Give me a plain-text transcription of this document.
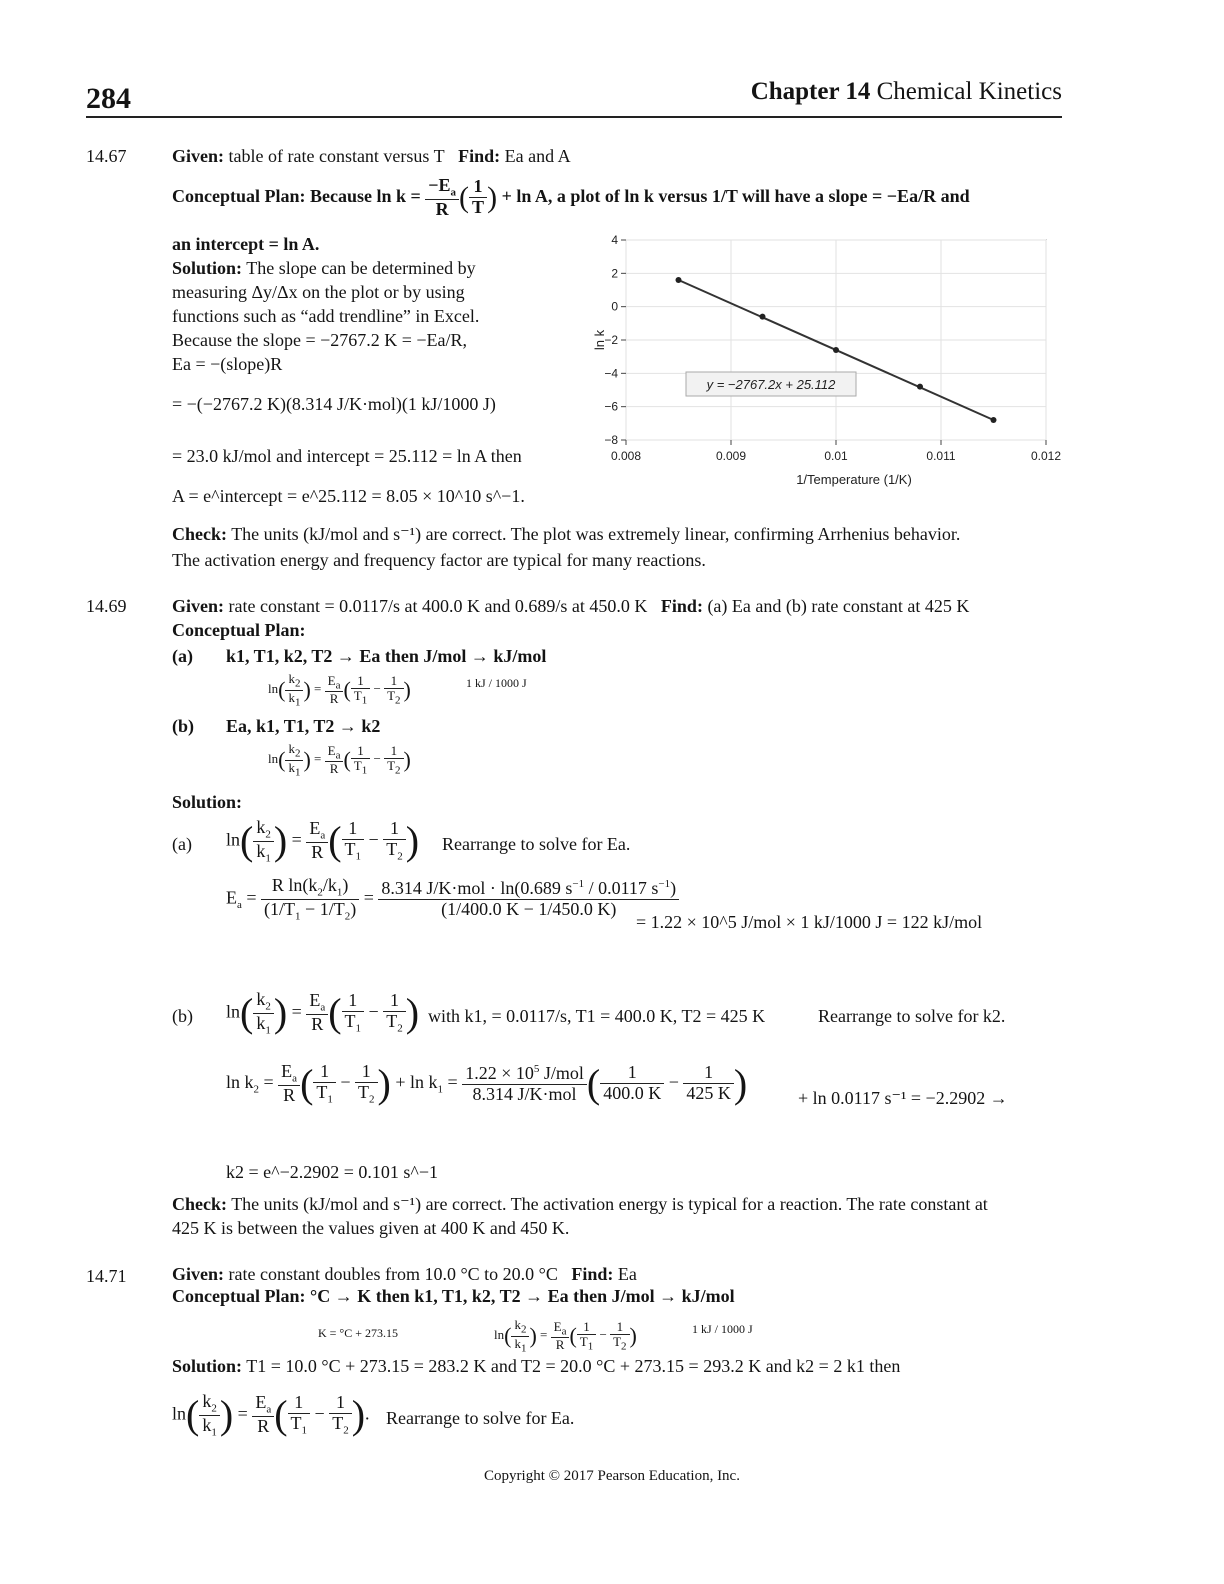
284	Chapter 14 Chemical Kinetics
14.67	Given: table of rate constant versus T Find: Ea and A
Conceptual Plan: Because $\ln k = \frac{-E_a}{R}$ ( $\frac{1}{T}$ ) + ln A, a plot of ln k versus 1/T will have a slope = −Ea/R and
an intercept = ln A.
Solution: The slope can be determined by
measuring Δy/Δx on the plot or by using
functions such as “add trendline” in Excel.
Because the slope = −2767.2 K = −Ea/R,
Ea = −(slope)R
= −(−2767.2 K)(8.314 J/K·mol)(1 kJ/1000 J)
= 23.0 kJ/mol and intercept = 25.112 = ln A then
A = e^intercept = e^25.112 = 8.05 × 10^10 s^−1.
4
2
0
−2
−4
−6
−8
0.008	0.009	0.01	0.011	0.012
y = −2767.2x + 25.112
ln k
1/Temperature (1/K)
Check: The units (kJ/mol and s⁻¹) are correct. The plot was extremely linear, confirming Arrhenius behavior.
The activation energy and frequency factor are typical for many reactions.
14.69	Given: rate constant = 0.0117/s at 400.0 K and 0.689/s at 450.0 K Find: (a) Ea and (b) rate constant at 425 K
Conceptual Plan:
(a) k1, T1, k2, T2 → Ea then J/mol → kJ/mol
$\ln( \frac{k_2}{k_1}$ ) = $\frac{E_a}{R}$ ( $\frac{1}{T_1} - \frac{1}{T_2}$ )	1 kJ / 1000 J
(b) Ea, k1, T1, T2 → k2
$\ln( \frac{k_2}{k_1}$ ) = $\frac{E_a}{R}$ ( $\frac{1}{T_1} - \frac{1}{T_2}$ )
Solution:
(a) $\ln( \frac{k_2}{k_1}$ ) = $\frac{E_a}{R}$ ( $\frac{1}{T_1} - \frac{1}{T_2}$ ) Rearrange to solve for Ea.
$E_a = \frac{R \ln(k_2/k_1)}{(1/T_1 - 1/T_2)} = \frac{8.314 J/K\cdot mol \cdot \ln(0.689 s^{-1} / 0.0117 s^{-1})}{(1/400.0 K - 1/450.0 K)}$
= 1.22 × 10^5 J/mol × 1 kJ/1000 J = 122 kJ/mol
(b) $\ln( \frac{k_2}{k_1}$ ) = $\frac{E_a}{R}$ ( $\frac{1}{T_1} - \frac{1}{T_2}$ ) with k1, = 0.0117/s, T1 = 400.0 K, T2 = 425 K	Rearrange to solve for k2.
$\ln k_2 = \frac{E_a}{R}$ ( $\frac{1}{T_1} - \frac{1}{T_2}$ ) + $\ln k_1 = \frac{1.22 \times 10^5 J/mol}{\text{8.314 J/K·mol}}$ ( $\frac{1}{400.0 K} - \frac{1}{425 K}$ )	+ ln 0.0117 s⁻¹ = −2.2902 →
k2 = e^−2.2902 = 0.101 s^−1
Check: The units (kJ/mol and s⁻¹) are correct. The activation energy is typical for a reaction. The rate constant at
425 K is between the values given at 400 K and 450 K.
14.71	Given: rate constant doubles from 10.0 °C to 20.0 °C Find: Ea
Conceptual Plan: °C → K then k1, T1, k2, T2 → Ea then J/mol → kJ/mol
K = °C + 273.15	$\ln( \frac{k_2}{k_1}$ ) = $\frac{E_a}{R}$ ( $\frac{1}{T_1} - \frac{1}{T_2}$ )	1 kJ / 1000 J
Solution: T1 = 10.0 °C + 273.15 = 283.2 K and T2 = 20.0 °C + 273.15 = 293.2 K and k2 = 2 k1 then
$\ln( \frac{k_2}{k_1}$ ) = $\frac{E_a}{R}$ ( $\frac{1}{T_1} - \frac{1}{T_2}$ ). Rearrange to solve for Ea.
Copyright © 2017 Pearson Education, Inc.
